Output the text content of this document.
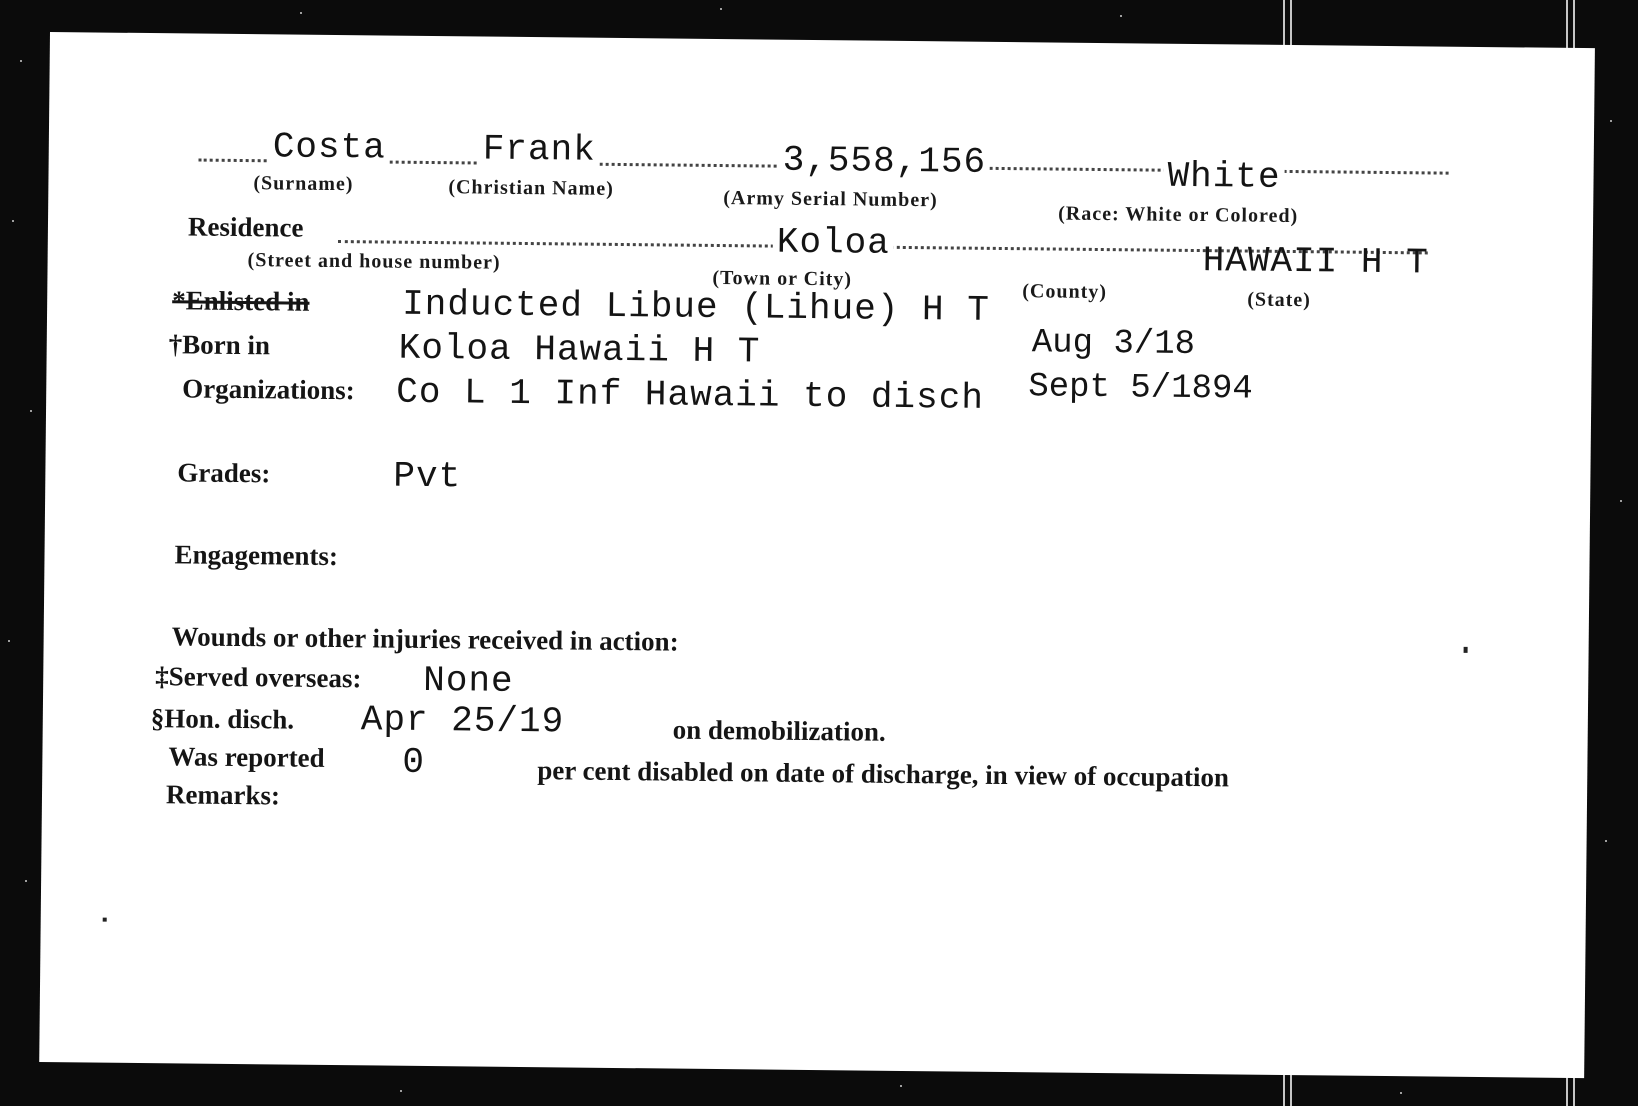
Costa
(Surname)
Frank
(Christian Name)
3,558,156
(Army Serial Number)
White
(Race: White or Colored)
Residence
(Street and house number)	Koloa
(Town or City)
(County)
HAWAII H T
(State)
*Enlisted in	Inducted Libue (Lihue) H T
Aug 3/18
†Born in	Koloa Hawaii H T
Sept 5/1894
Organizations: Co L 1 Inf Hawaii to disch
Grades:	Pvt
Engagements:
Wounds or other injuries received in action:
‡Served overseas: None
§Hon. disch. Apr 25/19	on demobilization.
Was reported 0	per cent disabled on date of discharge, in view of occupation
Remarks:
